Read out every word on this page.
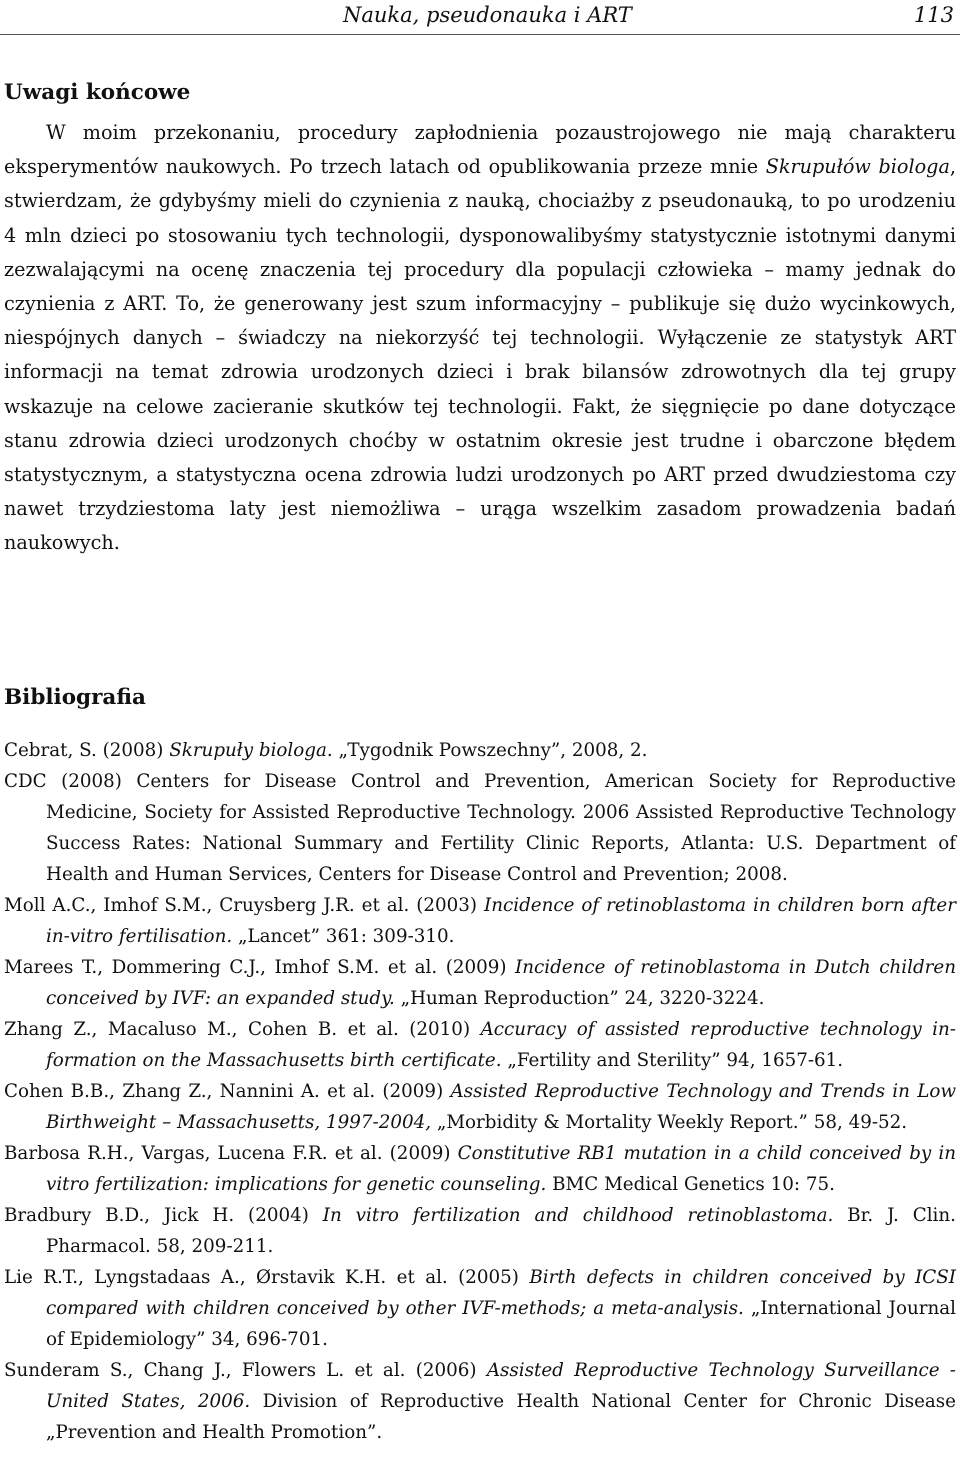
Nauka, pseudonauka i ART	113
Uwagi końcowe

W moim przekonaniu, procedury zapłodnienia pozaustrojowego nie mają charakteru eksperymentów naukowych. Po trzech latach od opublikowania przeze mnie Skrupułów biologa, stwierdzam, że gdybyśmy mieli do czynienia z nauką, chociażby z pseudonauką, to po urodzeniu 4 mln dzieci po stosowaniu tych technologii, dysponowalibyśmy statystycznie istotnymi danymi zezwalającymi na ocenę znaczenia tej procedury dla populacji człowieka – mamy jednak do czynienia z ART. To, że generowany jest szum informacyjny – publikuje się dużo wycinkowych, niespójnych danych – świadczy na niekorzyść tej technologii. Wyłączenie ze statystyk ART informacji na temat zdrowia urodzonych dzieci i brak bilansów zdrowotnych dla tej grupy wskazuje na celowe zacieranie skutków tej technologii. Fakt, że sięgnięcie po dane dotyczące stanu zdrowia dzieci urodzonych choćby w ostatnim okresie jest trudne i obarczone błędem statystycznym, a statystyczna ocena zdrowia ludzi urodzonych po ART przed dwudziestoma czy nawet trzydziestoma laty jest niemożliwa – urąga wszelkim zasadom prowadzenia badań naukowych.

Bibliografia
Cebrat, S. (2008) Skrupuły biologa. „Tygodnik Powszechny”, 2008, 2.
CDC (2008) Centers for Disease Control and Prevention, American Society for Reproductive Medicine, Society for Assisted Reproductive Technology. 2006 Assisted Reproductive Technology Success Rates: National Summary and Fertility Clinic Reports, Atlanta: U.S. Department of Health and Human Services, Centers for Disease Control and Prevention; 2008.
Moll A.C., Imhof S.M., Cruysberg J.R. et al. (2003) Incidence of retinoblastoma in children born after in-vitro fertilisation. „Lancet” 361: 309-310.
Marees T., Dommering C.J., Imhof S.M. et al. (2009) Incidence of retinoblastoma in Dutch children conceived by IVF: an expanded study. „Human Reproduction” 24, 3220-3224.
Zhang Z., Macaluso M., Cohen B. et al. (2010) Accuracy of assisted reproductive technology information on the Massachusetts birth certificate. „Fertility and Sterility” 94, 1657-61.
Cohen B.B., Zhang Z., Nannini A. et al. (2009) Assisted Reproductive Technology and Trends in Low Birthweight – Massachusetts, 1997-2004, „Morbidity & Mortality Weekly Report.” 58, 49-52.
Barbosa R.H., Vargas, Lucena F.R. et al. (2009) Constitutive RB1 mutation in a child conceived by in vitro fertilization: implications for genetic counseling. BMC Medical Genetics 10: 75.
Bradbury B.D., Jick H. (2004) In vitro fertilization and childhood retinoblastoma. Br. J. Clin. Pharmacol. 58, 209-211.
Lie R.T., Lyngstadaas A., Ørstavik K.H. et al. (2005) Birth defects in children conceived by ICSI compared with children conceived by other IVF-methods; a meta-analysis. „International Journal of Epidemiology” 34, 696-701.
Sunderam S., Chang J., Flowers L. et al. (2006) Assisted Reproductive Technology Surveillance - United States, 2006. Division of Reproductive Health National Center for Chronic Disease „Prevention and Health Promotion”.
